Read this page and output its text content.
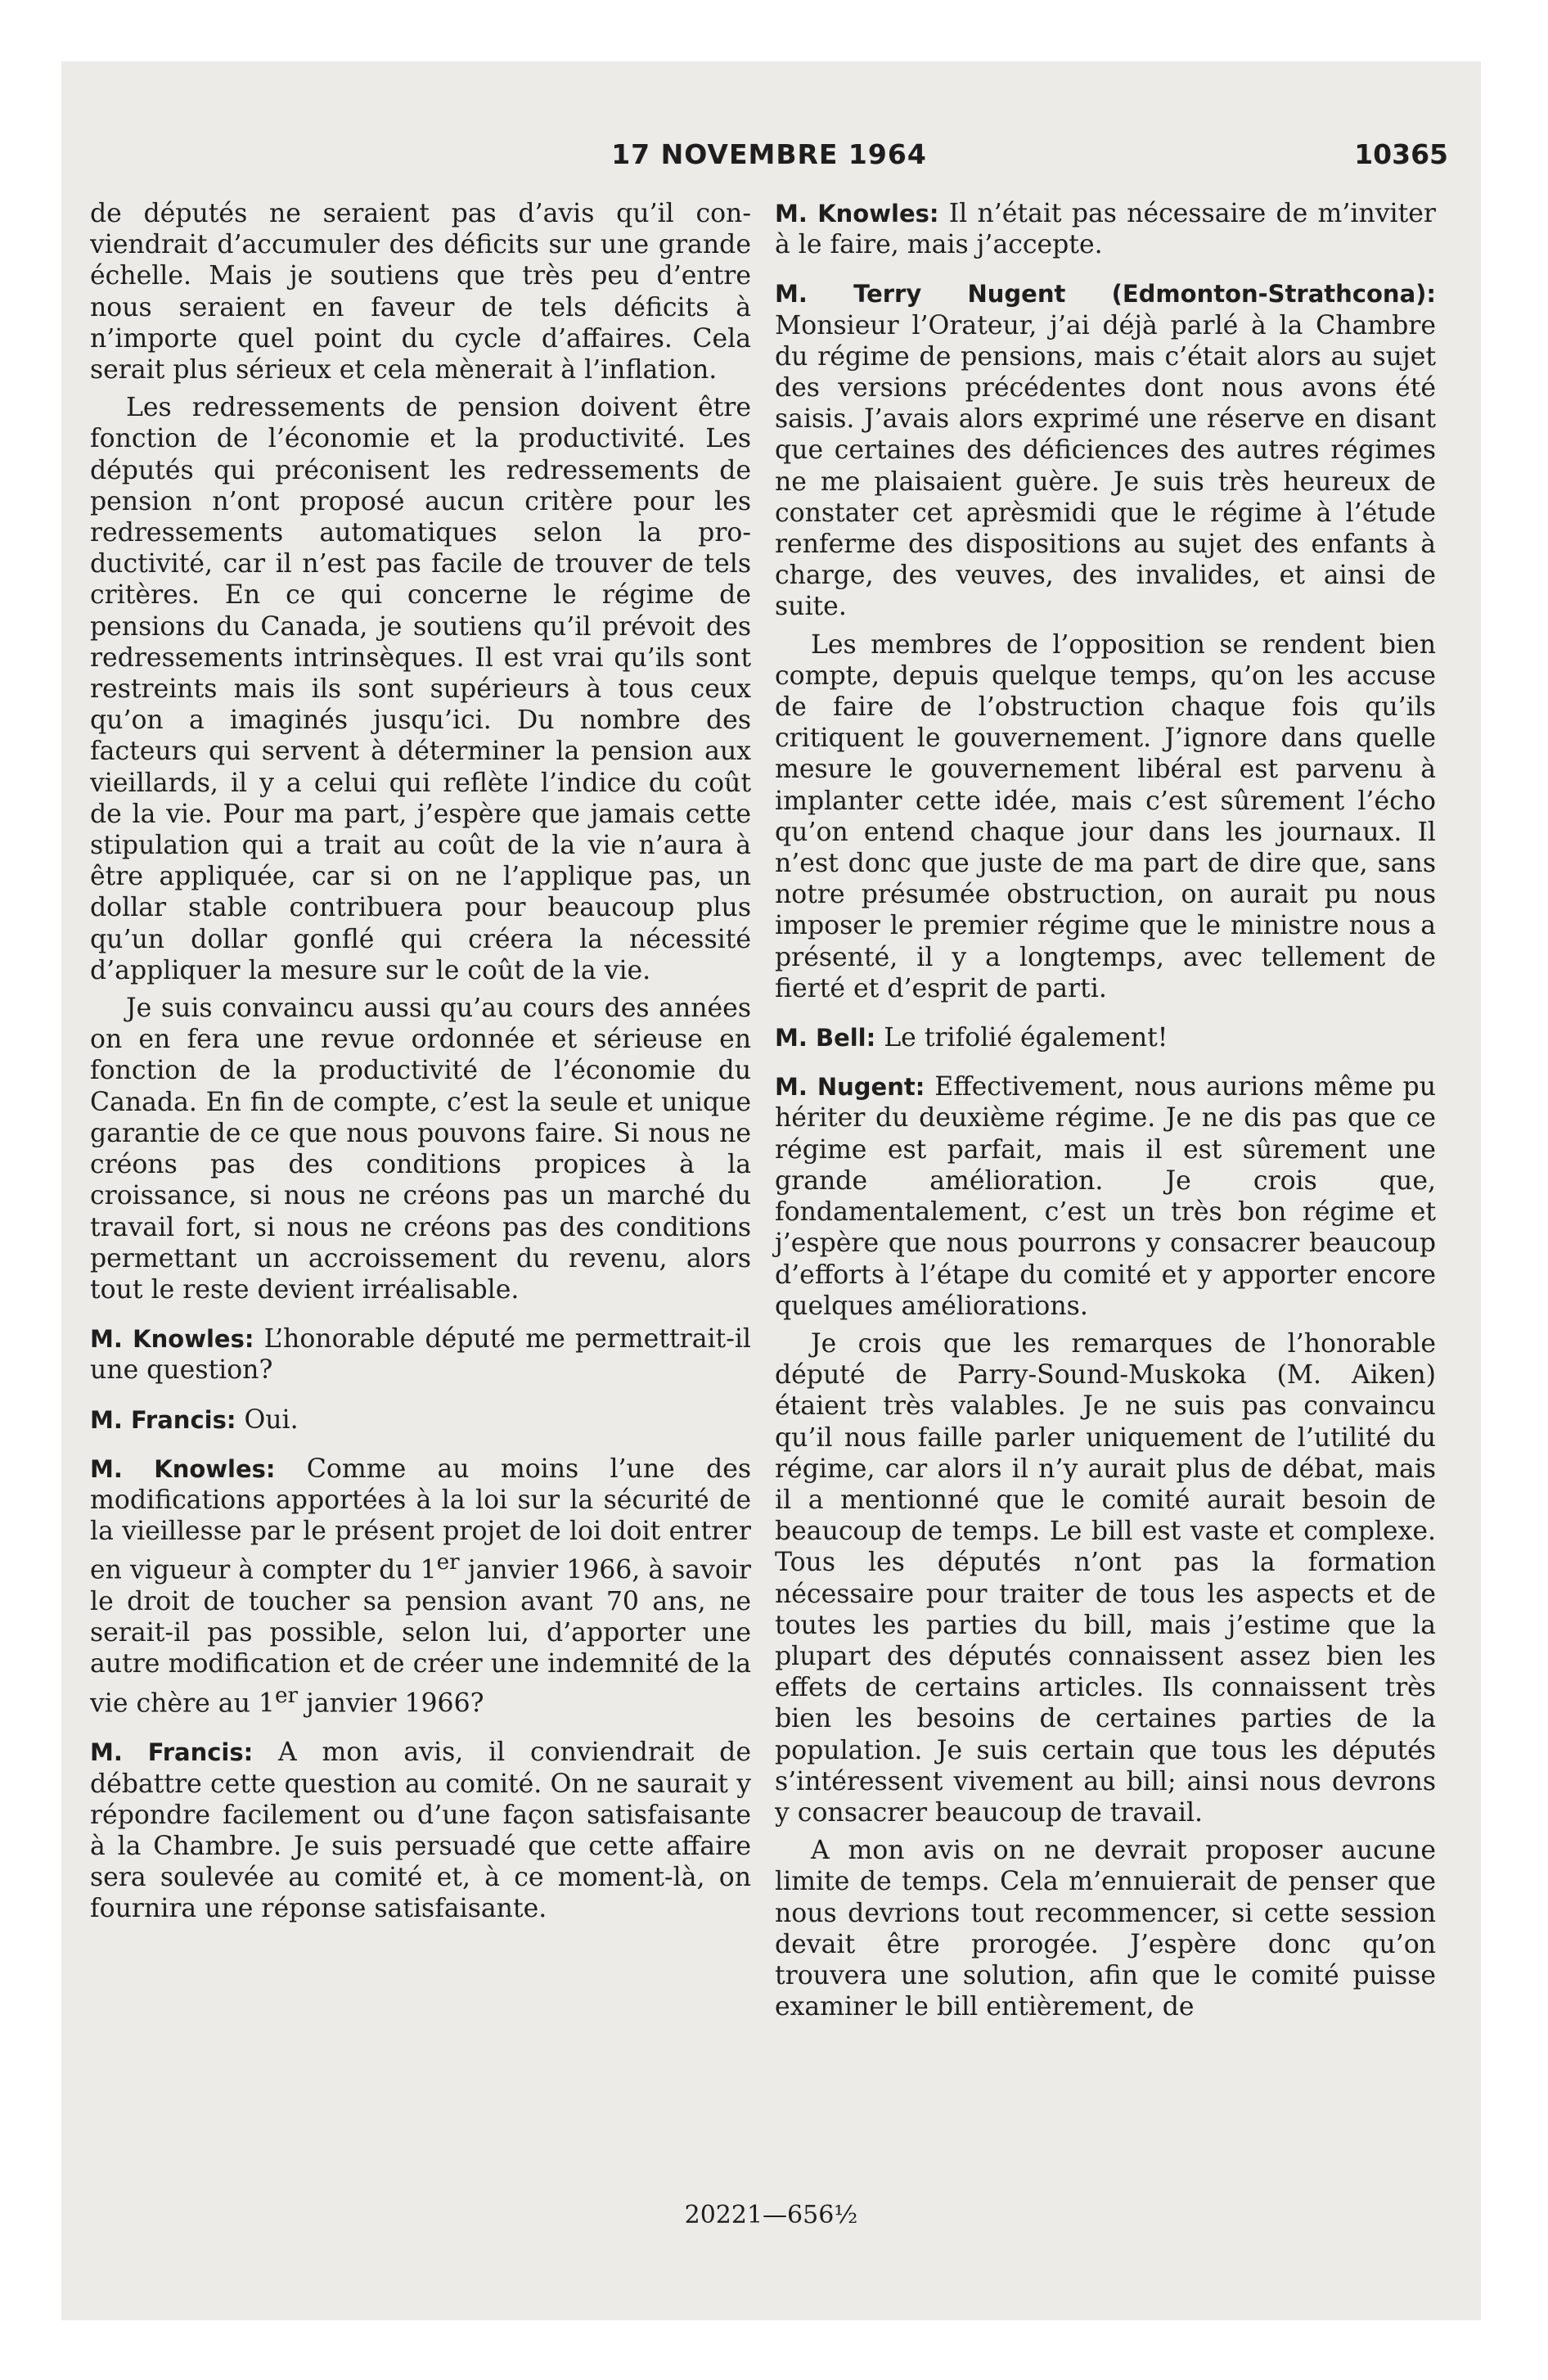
17 NOVEMBRE 1964	10365

de députés ne seraient pas d’avis qu’il conviendrait d’accumuler des déficits sur une grande échelle. Mais je soutiens que très peu d’entre nous seraient en faveur de tels déficits à n’importe quel point du cycle d’affaires. Cela serait plus sérieux et cela mènerait à l’inflation.

Les redressements de pension doivent être fonction de l’économie et la productivité. Les députés qui préconisent les redressements de pension n’ont proposé aucun critère pour les redressements automatiques selon la productivité, car il n’est pas facile de trouver de tels critères. En ce qui concerne le régime de pensions du Canada, je soutiens qu’il prévoit des redressements intrinsèques. Il est vrai qu’ils sont restreints mais ils sont supérieurs à tous ceux qu’on a imaginés jusqu’ici. Du nombre des facteurs qui servent à déterminer la pension aux vieillards, il y a celui qui reflète l’indice du coût de la vie. Pour ma part, j’espère que jamais cette stipulation qui a trait au coût de la vie n’aura à être appliquée, car si on ne l’applique pas, un dollar stable contribuera pour beaucoup plus qu’un dollar gonflé qui créera la nécessité d’appliquer la mesure sur le coût de la vie.

Je suis convaincu aussi qu’au cours des années on en fera une revue ordonnée et sérieuse en fonction de la productivité de l’économie du Canada. En fin de compte, c’est la seule et unique garantie de ce que nous pouvons faire. Si nous ne créons pas des conditions propices à la croissance, si nous ne créons pas un marché du travail fort, si nous ne créons pas des conditions permettant un accroissement du revenu, alors tout le reste devient irréalisable.

M. Knowles: L’honorable député me permettrait-il une question?

M. Francis: Oui.

M. Knowles: Comme au moins l’une des modifications apportées à la loi sur la sécurité de la vieillesse par le présent projet de loi doit entrer en vigueur à compter du 1er janvier 1966, à savoir le droit de toucher sa pension avant 70 ans, ne serait-il pas possible, selon lui, d’apporter une autre modification et de créer une indemnité de la vie chère au 1er janvier 1966?

M. Francis: A mon avis, il conviendrait de débattre cette question au comité. On ne saurait y répondre facilement ou d’une façon satisfaisante à la Chambre. Je suis persuadé que cette affaire sera soulevée au comité et, à ce moment-là, on fournira une réponse satisfaisante.

M. Knowles: Il n’était pas nécessaire de m’inviter à le faire, mais j’accepte.

M. Terry Nugent (Edmonton-Strathcona): Monsieur l’Orateur, j’ai déjà parlé à la Chambre du régime de pensions, mais c’était alors au sujet des versions précédentes dont nous avons été saisis. J’avais alors exprimé une réserve en disant que certaines des déficiences des autres régimes ne me plaisaient guère. Je suis très heureux de constater cet aprèsmidi que le régime à l’étude renferme des dispositions au sujet des enfants à charge, des veuves, des invalides, et ainsi de suite.

Les membres de l’opposition se rendent bien compte, depuis quelque temps, qu’on les accuse de faire de l’obstruction chaque fois qu’ils critiquent le gouvernement. J’ignore dans quelle mesure le gouvernement libéral est parvenu à implanter cette idée, mais c’est sûrement l’écho qu’on entend chaque jour dans les journaux. Il n’est donc que juste de ma part de dire que, sans notre présumée obstruction, on aurait pu nous imposer le premier régime que le ministre nous a présenté, il y a longtemps, avec tellement de fierté et d’esprit de parti.

M. Bell: Le trifolié également!

M. Nugent: Effectivement, nous aurions même pu hériter du deuxième régime. Je ne dis pas que ce régime est parfait, mais il est sûrement une grande amélioration. Je crois que, fondamentalement, c’est un très bon régime et j’espère que nous pourrons y consacrer beaucoup d’efforts à l’étape du comité et y apporter encore quelques améliorations.

Je crois que les remarques de l’honorable député de Parry-Sound-Muskoka (M. Aiken) étaient très valables. Je ne suis pas convaincu qu’il nous faille parler uniquement de l’utilité du régime, car alors il n’y aurait plus de débat, mais il a mentionné que le comité aurait besoin de beaucoup de temps. Le bill est vaste et complexe. Tous les députés n’ont pas la formation nécessaire pour traiter de tous les aspects et de toutes les parties du bill, mais j’estime que la plupart des députés connaissent assez bien les effets de certains articles. Ils connaissent très bien les besoins de certaines parties de la population. Je suis certain que tous les députés s’intéressent vivement au bill; ainsi nous devrons y consacrer beaucoup de travail.

A mon avis on ne devrait proposer aucune limite de temps. Cela m’ennuierait de penser que nous devrions tout recommencer, si cette session devait être prorogée. J’espère donc qu’on trouvera une solution, afin que le comité puisse examiner le bill entièrement, de

20221—656½
